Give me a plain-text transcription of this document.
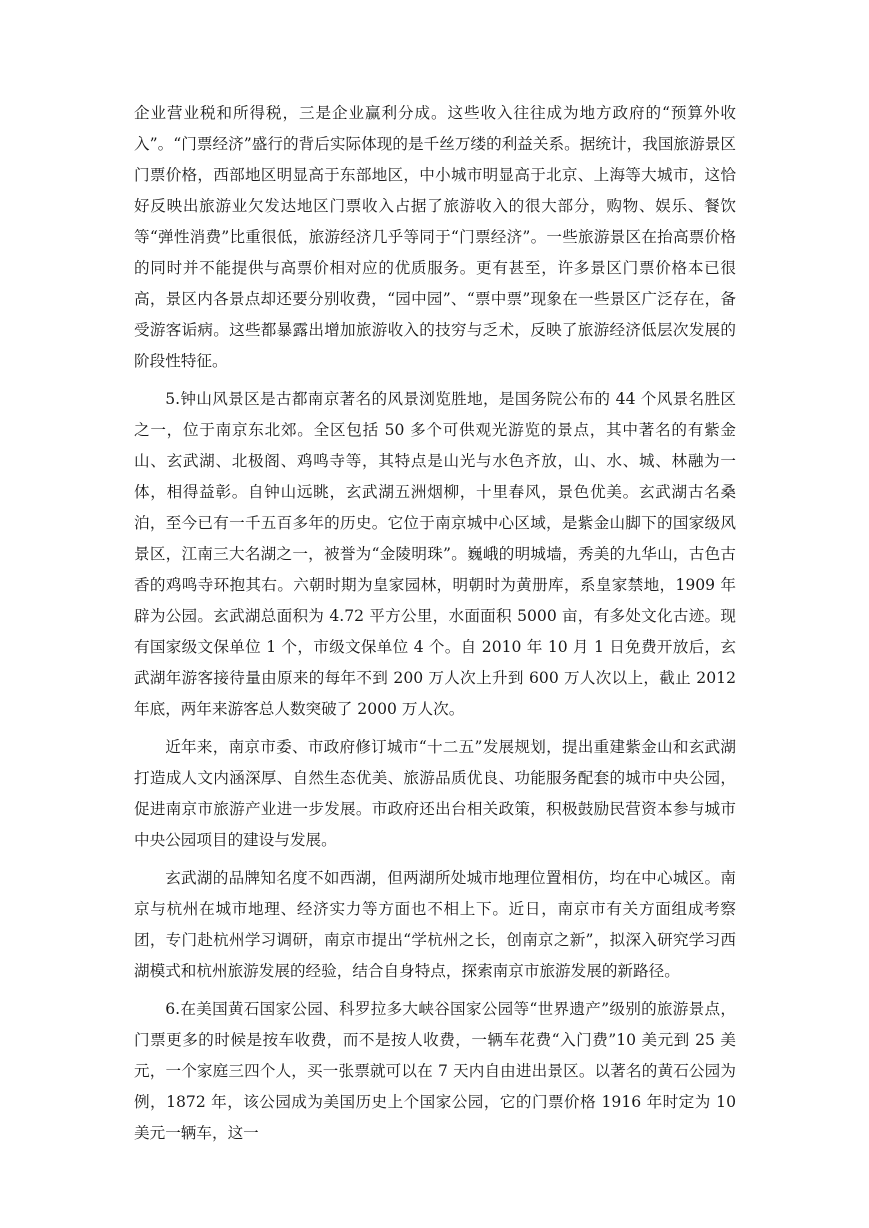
企业营业税和所得税，三是企业赢利分成。这些收入往往成为地方政府的“预算外收入”。“门票经济”盛行的背后实际体现的是千丝万缕的利益关系。据统计，我国旅游景区门票价格，西部地区明显高于东部地区，中小城市明显高于北京、上海等大城市，这恰好反映出旅游业欠发达地区门票收入占据了旅游收入的很大部分，购物、娱乐、餐饮等“弹性消费”比重很低，旅游经济几乎等同于“门票经济”。一些旅游景区在抬高票价格的同时并不能提供与高票价相对应的优质服务。更有甚至，许多景区门票价格本已很高，景区内各景点却还要分别收费，“园中园”、“票中票”现象在一些景区广泛存在，备受游客诟病。这些都暴露出增加旅游收入的技穷与乏术，反映了旅游经济低层次发展的阶段性特征。

5.钟山风景区是古都南京著名的风景浏览胜地，是国务院公布的 44 个风景名胜区之一，位于南京东北郊。全区包括 50 多个可供观光游览的景点，其中著名的有紫金山、玄武湖、北极阁、鸡鸣寺等，其特点是山光与水色齐放，山、水、城、林融为一体，相得益彰。自钟山远眺，玄武湖五洲烟柳，十里春风，景色优美。玄武湖古名桑泊，至今已有一千五百多年的历史。它位于南京城中心区域，是紫金山脚下的国家级风景区，江南三大名湖之一，被誉为“金陵明珠”。巍峨的明城墙，秀美的九华山，古色古香的鸡鸣寺环抱其右。六朝时期为皇家园林，明朝时为黄册库，系皇家禁地，1909 年辟为公园。玄武湖总面积为 4.72 平方公里，水面面积 5000 亩，有多处文化古迹。现有国家级文保单位 1 个，市级文保单位 4 个。自 2010 年 10 月 1 日免费开放后，玄武湖年游客接待量由原来的每年不到 200 万人次上升到 600 万人次以上，截止 2012 年底，两年来游客总人数突破了 2000 万人次。

近年来，南京市委、市政府修订城市“十二五”发展规划，提出重建紫金山和玄武湖打造成人文内涵深厚、自然生态优美、旅游品质优良、功能服务配套的城市中央公园，促进南京市旅游产业进一步发展。市政府还出台相关政策，积极鼓励民营资本参与城市中央公园项目的建设与发展。

玄武湖的品牌知名度不如西湖，但两湖所处城市地理位置相仿，均在中心城区。南京与杭州在城市地理、经济实力等方面也不相上下。近日，南京市有关方面组成考察团，专门赴杭州学习调研，南京市提出“学杭州之长，创南京之新”，拟深入研究学习西湖模式和杭州旅游发展的经验，结合自身特点，探索南京市旅游发展的新路径。

6.在美国黄石国家公园、科罗拉多大峡谷国家公园等“世界遗产”级别的旅游景点，门票更多的时候是按车收费，而不是按人收费，一辆车花费“入门费”10 美元到 25 美元，一个家庭三四个人，买一张票就可以在 7 天内自由进出景区。以著名的黄石公园为例，1872 年，该公园成为美国历史上个国家公园，它的门票价格 1916 年时定为 10 美元一辆车，这一
